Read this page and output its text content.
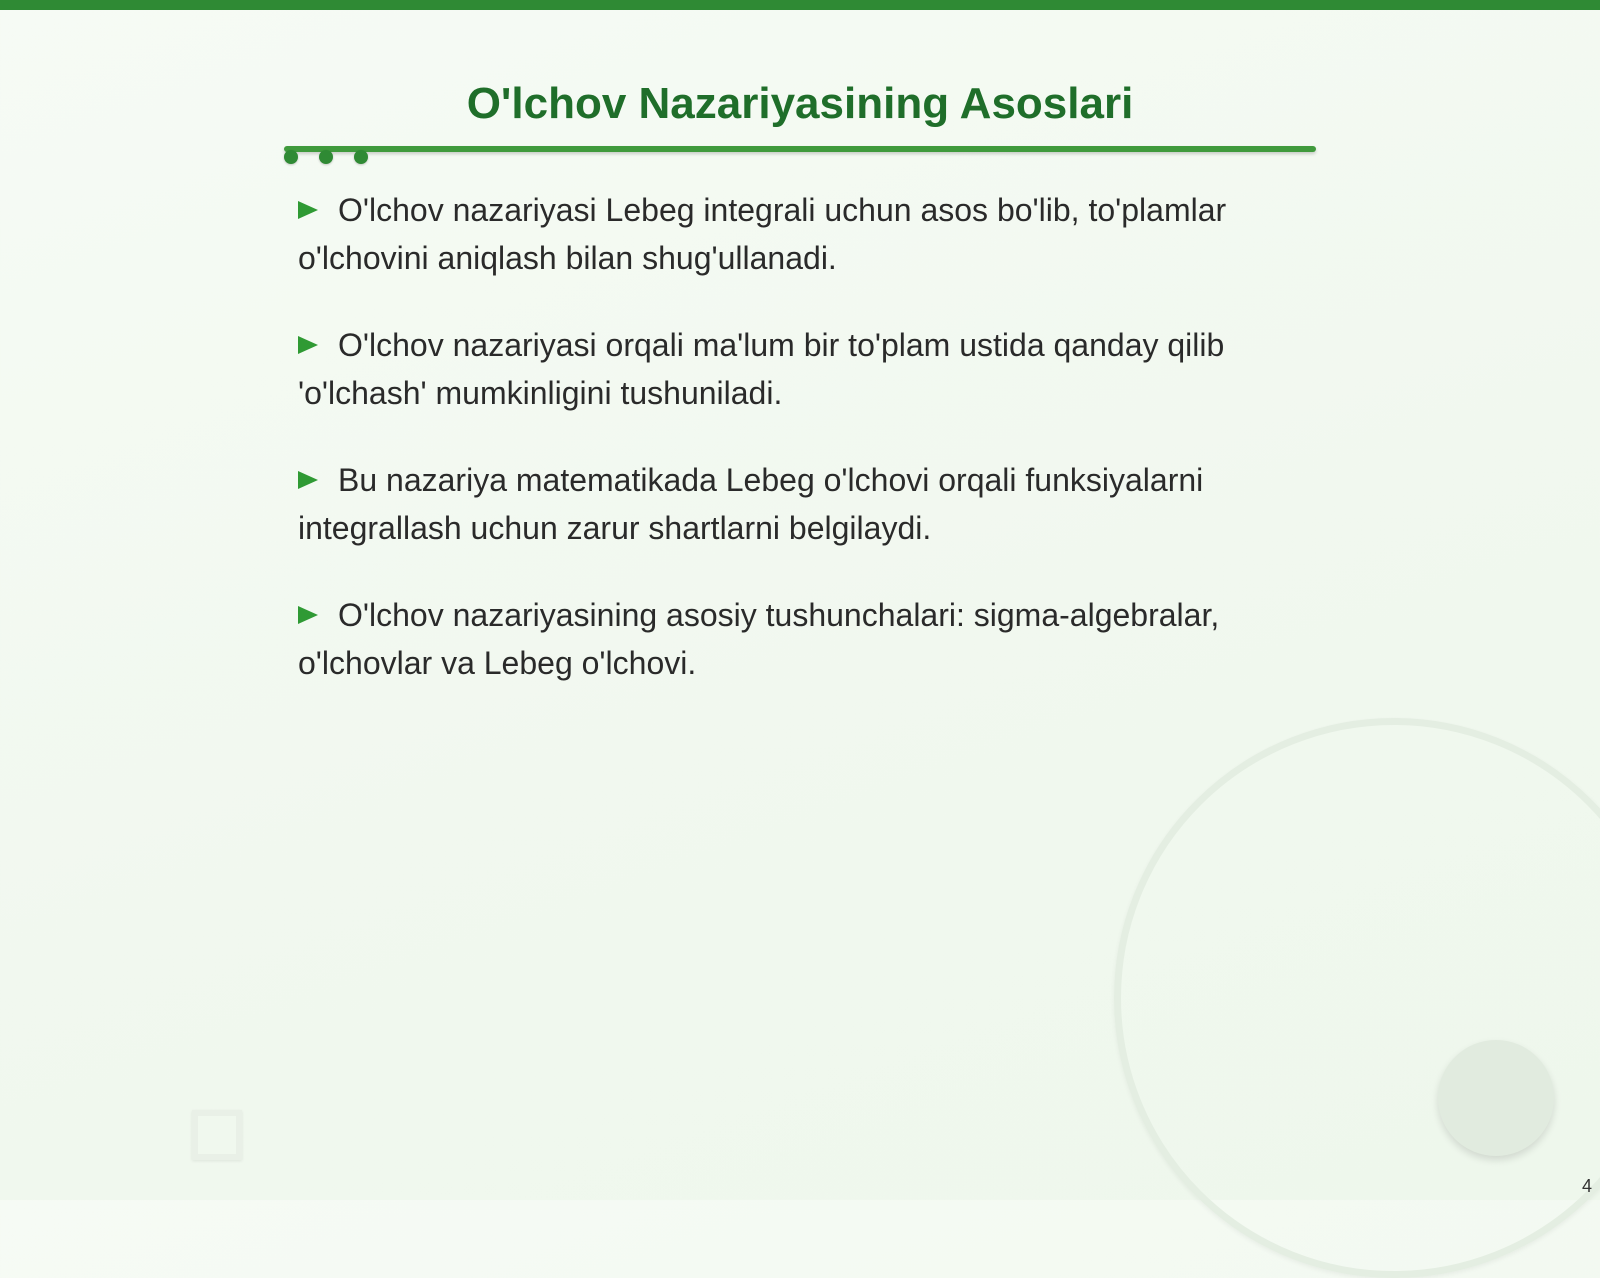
O'lchov Nazariyasining Asoslari
O'lchov nazariyasi Lebeg integrali uchun asos bo'lib, to'plamlar o'lchovini aniqlash bilan shug'ullanadi.
O'lchov nazariyasi orqali ma'lum bir to'plam ustida qanday qilib 'o'lchash' mumkinligini tushuniladi.
Bu nazariya matematikada Lebeg o'lchovi orqali funksiyalarni integrallash uchun zarur shartlarni belgilaydi.
O'lchov nazariyasining asosiy tushunchalari: sigma-algebralar, o'lchovlar va Lebeg o'lchovi.
4
